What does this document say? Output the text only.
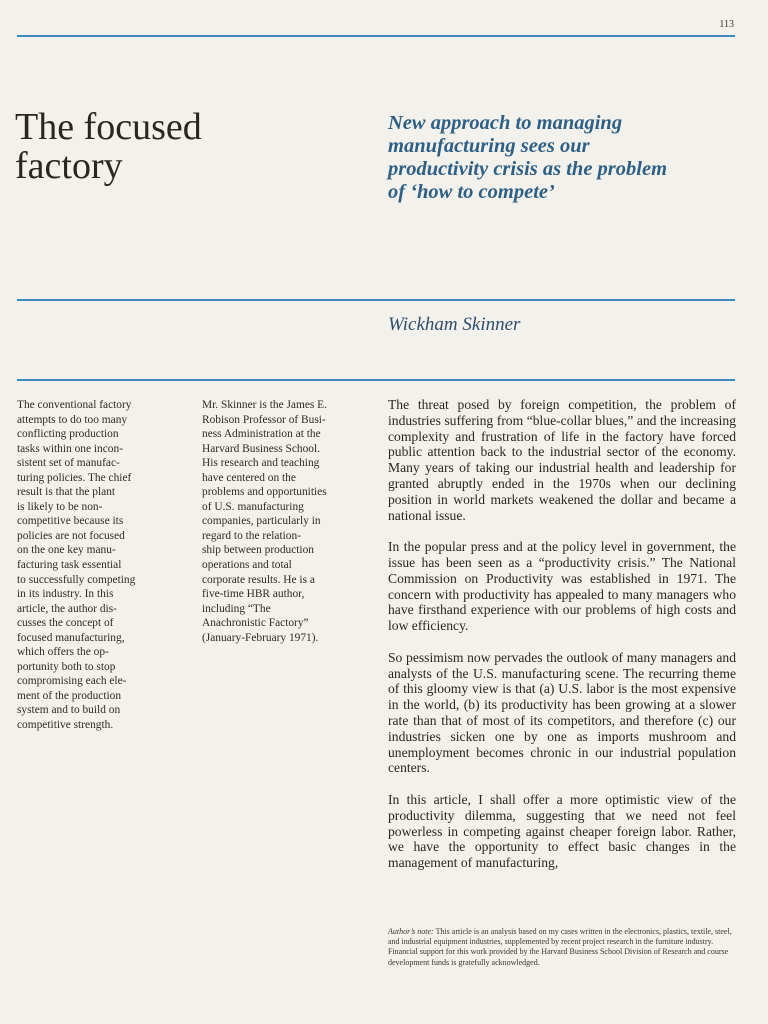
113
The focused
factory
New approach to managing
manufacturing sees our
productivity crisis as the problem
of ‘how to compete’
Wickham Skinner

The conventional factory

attempts to do too many

conflicting production

tasks within one incon-

sistent set of manufac-

turing policies. The chief

result is that the plant

is likely to be non-

competitive because its

policies are not focused

on the one key manu-

facturing task essential

to successfully competing

in its industry. In this

article, the author dis-

cusses the concept of

focused manufacturing,

which offers the op-

portunity both to stop

compromising each ele-

ment of the production

system and to build on

competitive strength.

Mr. Skinner is the James E.

Robison Professor of Busi-

ness Administration at the

Harvard Business School.

His research and teaching

have centered on the

problems and opportunities

of U.S. manufacturing

companies, particularly in

regard to the relation-

ship between production

operations and total

corporate results. He is a

five-time HBR author,

including “The

Anachronistic Factory”

(January-February 1971).

The threat posed by foreign competition, the problem of industries suffering from “blue-collar blues,” and the increasing complexity and frustration of life in the factory have forced public attention back to the industrial sector of the economy. Many years of taking our industrial health and leadership for granted abruptly ended in the 1970s when our declining position in world markets weakened the dollar and became a national issue.

In the popular press and at the policy level in government, the issue has been seen as a “productivity crisis.” The National Commission on Productivity was established in 1971. The concern with productivity has appealed to many managers who have firsthand experience with our problems of high costs and low efficiency.

So pessimism now pervades the outlook of many managers and analysts of the U.S. manufacturing scene. The recurring theme of this gloomy view is that (a) U.S. labor is the most expensive in the world, (b) its productivity has been growing at a slower rate than that of most of its competitors, and therefore (c) our industries sicken one by one as imports mushroom and unemployment becomes chronic in our industrial population centers.

In this article, I shall offer a more optimistic view of the productivity dilemma, suggesting that we need not feel powerless in competing against cheaper foreign labor. Rather, we have the opportunity to effect basic changes in the management of manufacturing,

Author’s note: This article is an analysis based on my cases written in the electronics, plastics, textile, steel, and industrial equipment industries, supplemented by recent project research in the furniture industry. Financial support for this work provided by the Harvard Business School Division of Research and course development funds is gratefully acknowledged.
